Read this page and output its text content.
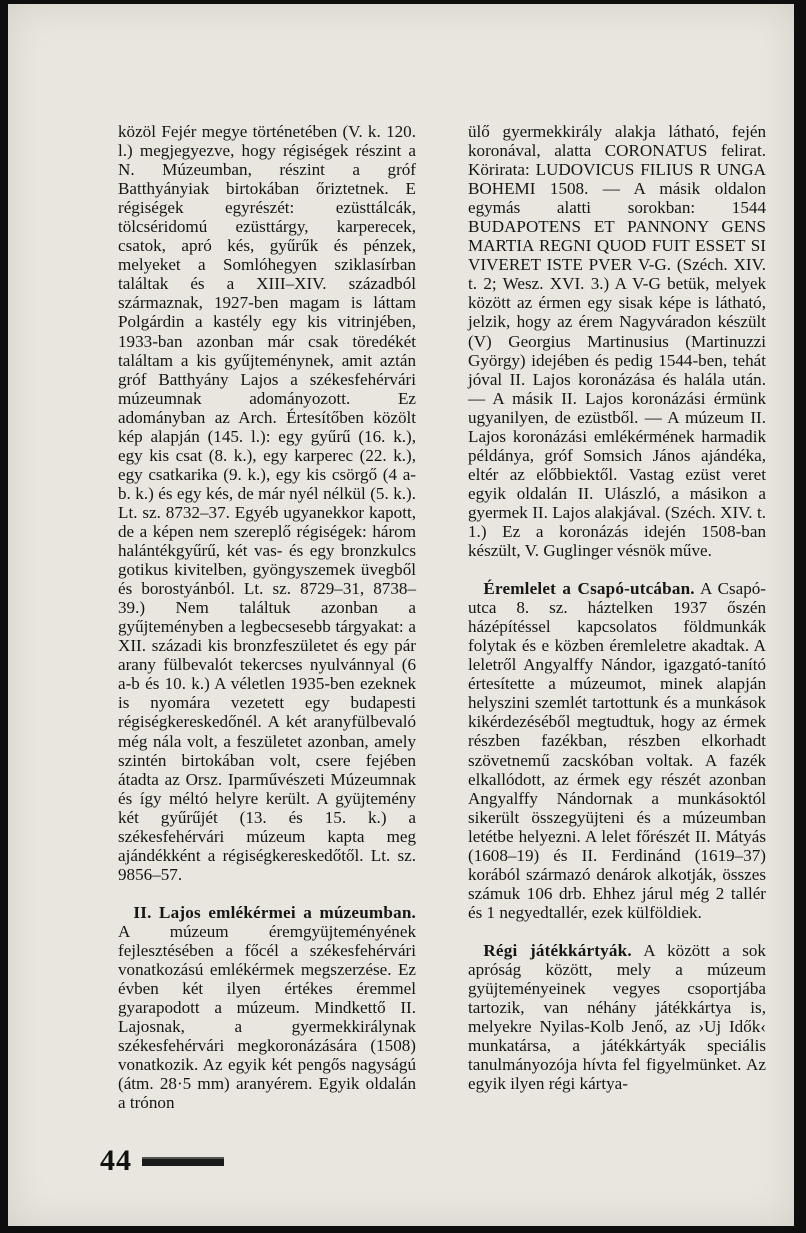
közöl Fejér megye történetében (V. k. 120. l.) megjegyezve, hogy régiségek részint a N. Múzeumban, részint a gróf Batthyányiak birtokában őriztetnek. E régiségek egyrészét: ezüsttálcák, tölcséridomú ezüsttárgy, karperecek, csatok, apró kés, gyűrűk és pénzek, melyeket a Somlóhegyen sziklasírban találtak és a XIII–XIV. századból származnak, 1927-ben magam is láttam Polgárdin a kastély egy kis vitrinjében, 1933-ban azonban már csak töredékét találtam a kis gyűjteménynek, amit aztán gróf Batthyány Lajos a székesfehérvári múzeumnak adományozott. Ez adományban az Arch. Értesítőben közölt kép alapján (145. l.): egy gyűrű (16. k.), egy kis csat (8. k.), egy karperec (22. k.), egy csatkarika (9. k.), egy kis csörgő (4 a-b. k.) és egy kés, de már nyél nélkül (5. k.). Lt. sz. 8732–37. Egyéb ugyanekkor kapott, de a képen nem szereplő régiségek: három halántékgyűrű, két vas- és egy bronzkulcs gotikus kivitelben, gyöngyszemek üvegből és borostyánból. Lt. sz. 8729–31, 8738–39.) Nem találtuk azonban a gyűjteményben a legbecsesebb tárgyakat: a XII. századi kis bronzfeszületet és egy pár arany fülbevalót tekercses nyulvánnyal (6 a-b és 10. k.) A véletlen 1935-ben ezeknek is nyomára vezetett egy budapesti régiségkereskedőnél. A két aranyfülbevaló még nála volt, a feszületet azonban, amely szintén birtokában volt, csere fejében átadta az Orsz. Iparművészeti Múzeumnak és így méltó helyre került. A gyüjtemény két gyűrűjét (13. és 15. k.) a székesfehérvári múzeum kapta meg ajándékként a régiségkereskedőtől. Lt. sz. 9856–57.

II. Lajos emlékérmei a múzeumban. A múzeum éremgyüjteményének fejlesztésében a főcél a székesfehérvári vonatkozású emlékérmek megszerzése. Ez évben két ilyen értékes éremmel gyarapodott a múzeum. Mindkettő II. Lajosnak, a gyermekkirálynak székesfehérvári megkoronázására (1508) vonatkozik. Az egyik két pengős nagyságú (átm. 28·5 mm) aranyérem. Egyik oldalán a trónon

ülő gyermekkirály alakja látható, fején koronával, alatta CORONATUS felirat. Körirata: LUDOVICUS FILIUS R UNGA BOHEMI 1508. — A másik oldalon egymás alatti sorokban: 1544 BUDAPOTENS ET PANNONY GENS MARTIA REGNI QUOD FUIT ESSET SI VIVERET ISTE PVER V-G. (Széch. XIV. t. 2; Wesz. XVI. 3.) A V-G betük, melyek között az érmen egy sisak képe is látható, jelzik, hogy az érem Nagyváradon készült (V) Georgius Martinusius (Martinuzzi György) idejében és pedig 1544-ben, tehát jóval II. Lajos koronázása és halála után. — A másik II. Lajos koronázási érmünk ugyanilyen, de ezüstből. — A múzeum II. Lajos koronázási emlékérmének harmadik példánya, gróf Somsich János ajándéka, eltér az előbbiektől. Vastag ezüst veret egyik oldalán II. Ulászló, a másikon a gyermek II. Lajos alakjával. (Széch. XIV. t. 1.) Ez a koronázás idején 1508-ban készült, V. Guglinger vésnök műve.

Éremlelet a Csapó-utcában. A Csapó-utca 8. sz. háztelken 1937 őszén házépítéssel kapcsolatos földmunkák folytak és e közben éremleletre akadtak. A leletről Angyalffy Nándor, igazgató-tanító értesítette a múzeumot, minek alapján helyszini szemlét tartottunk és a munkások kikérdezéséből megtudtuk, hogy az érmek részben fazékban, részben elkorhadt szövetnemű zacskóban voltak. A fazék elkallódott, az érmek egy részét azonban Angyalffy Nándornak a munkásoktól sikerült összegyüjteni és a múzeumban letétbe helyezni. A lelet főrészét II. Mátyás (1608–19) és II. Ferdinánd (1619–37) korából származó denárok alkotják, összes számuk 106 drb. Ehhez járul még 2 tallér és 1 negyedtallér, ezek külföldiek.

Régi játékkártyák. A között a sok apróság között, mely a múzeum gyüjteményeinek vegyes csoportjába tartozik, van néhány játékkártya is, melyekre Nyilas-Kolb Jenő, az ›Uj Idők‹ munkatársa, a játékkártyák speciális tanulmányozója hívta fel figyelmünket. Az egyik ilyen régi kártya-

44
